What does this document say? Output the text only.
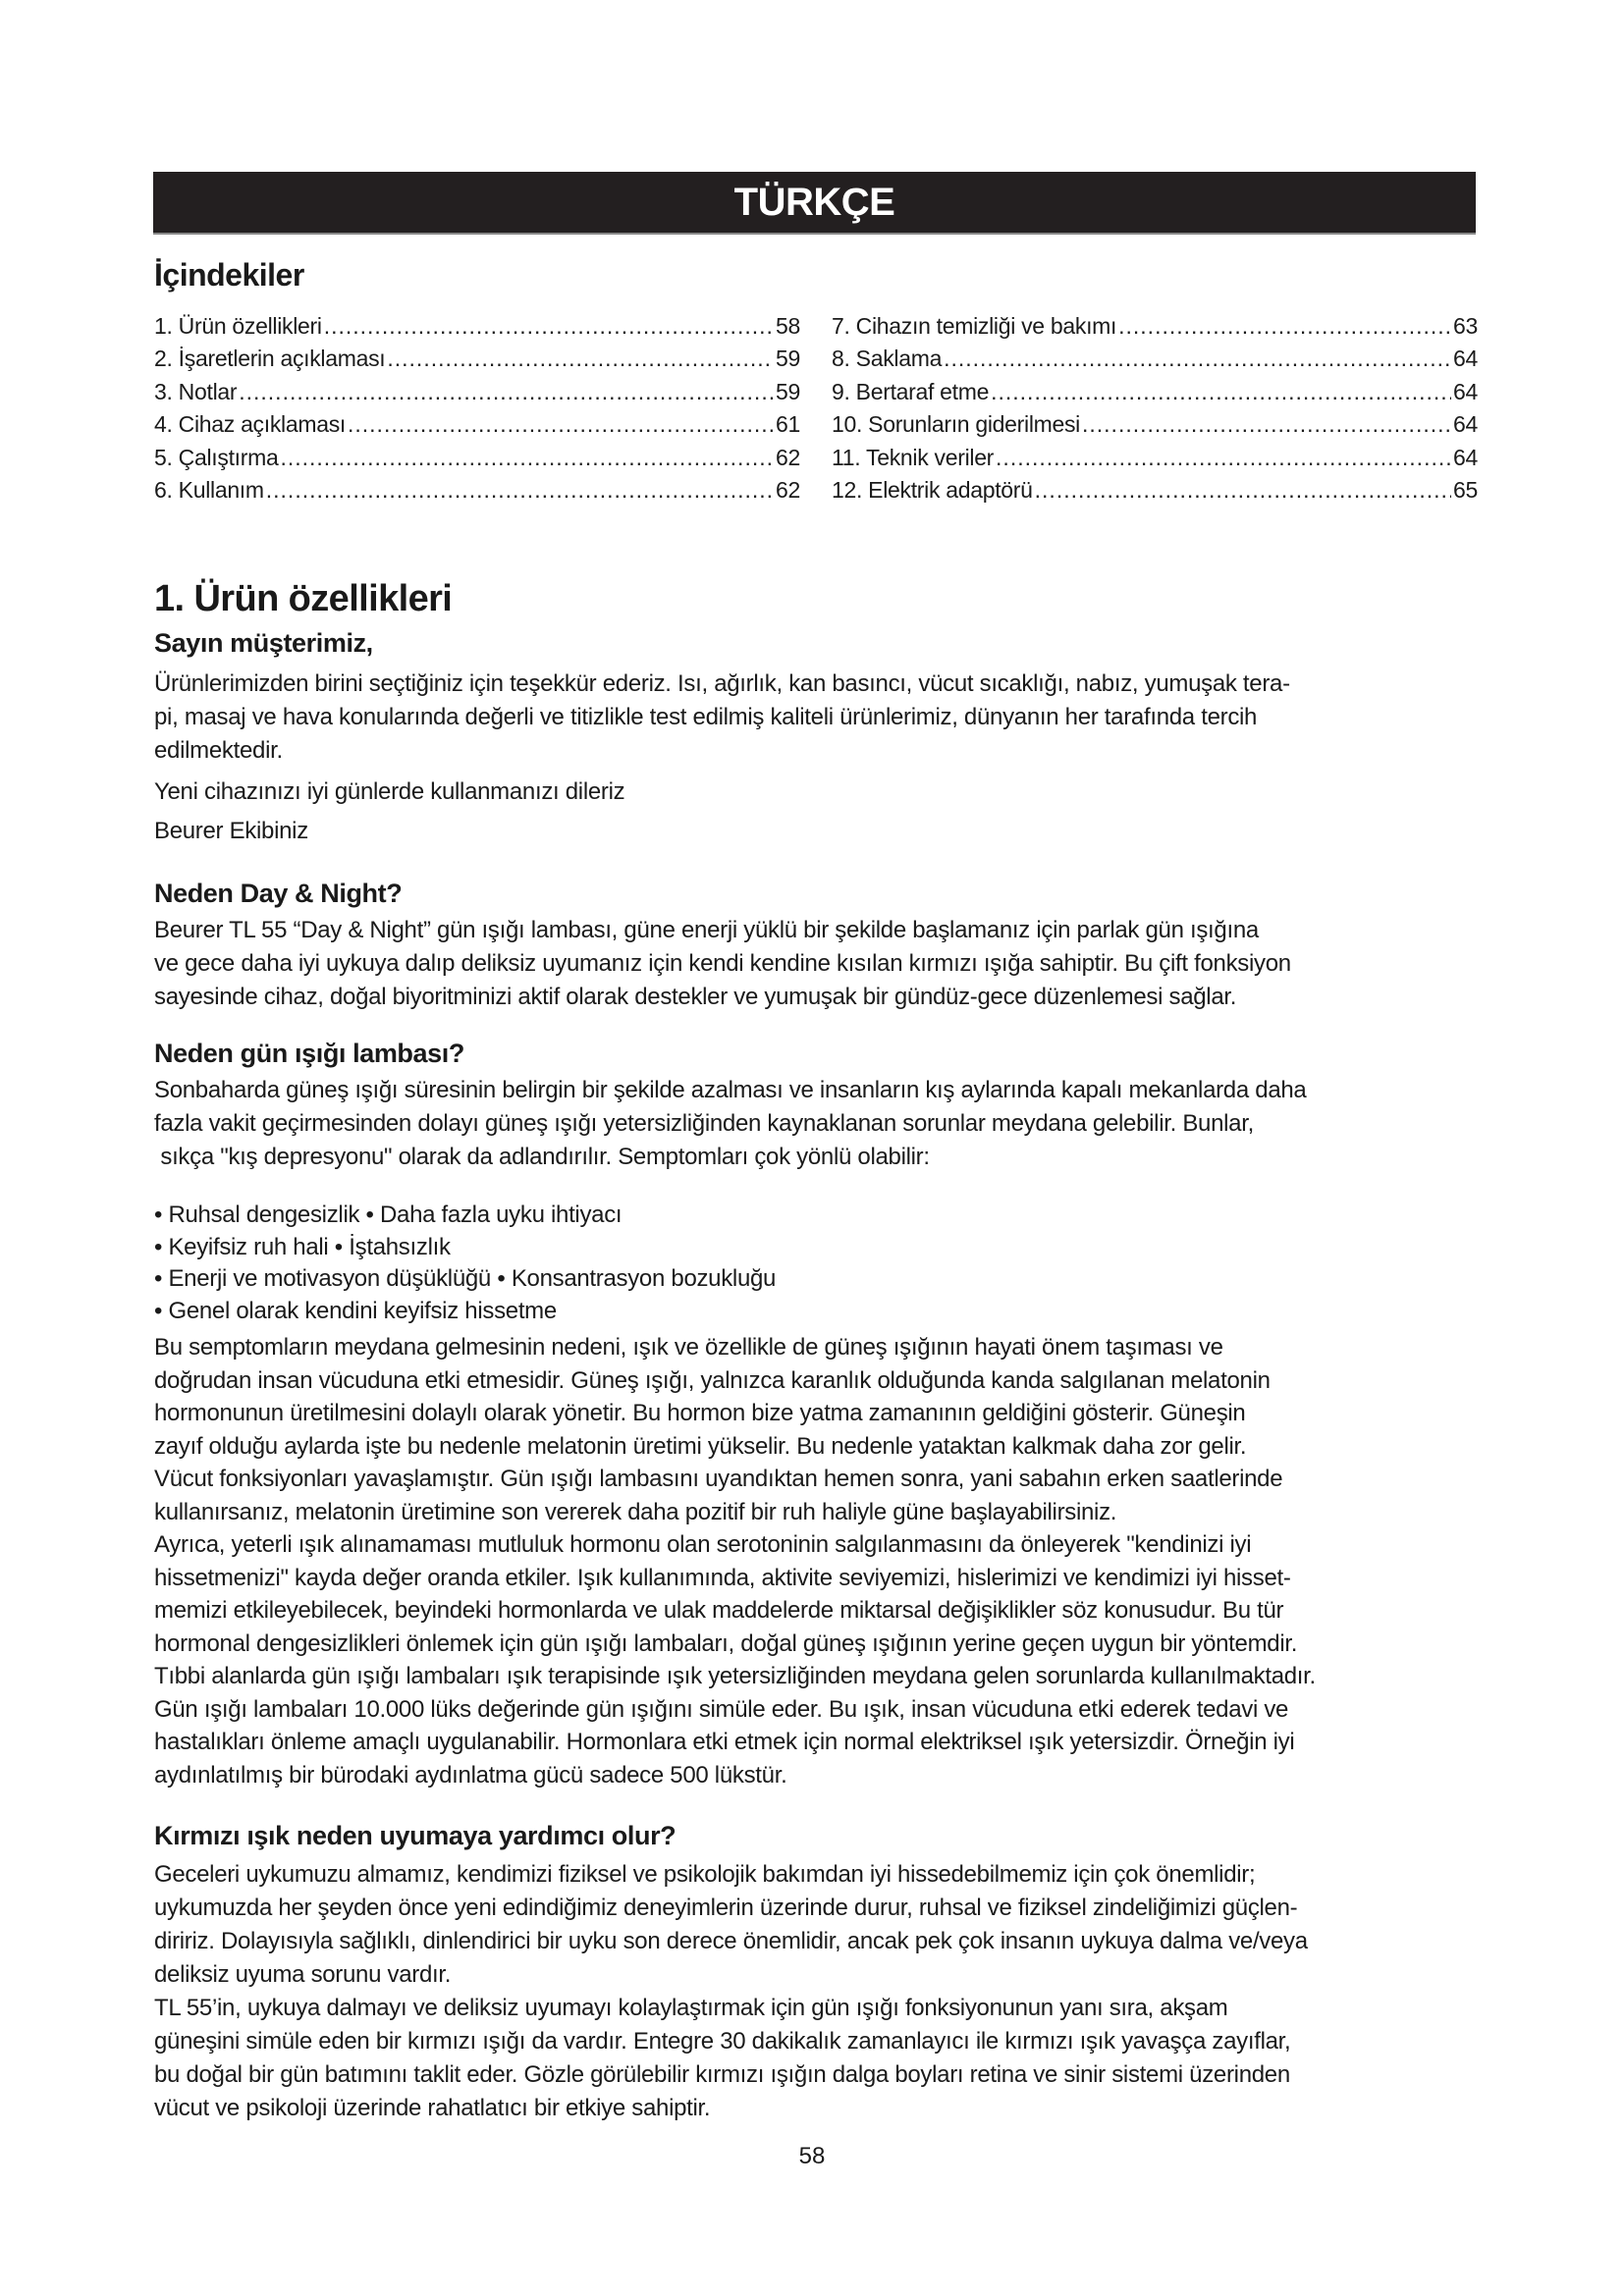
TÜRKÇE
İçindekiler
1. Ürün özellikleri .....	58
2. İşaretlerin açıklaması .....	59
3. Notlar .....	59
4. Cihaz açıklaması .....	61
5. Çalıştırma .....	62
6. Kullanım .....	62
7. Cihazın temizliği ve bakımı .....	63
8. Saklama .....	64
9. Bertaraf etme .....	64
10. Sorunların giderilmesi .....	64
11. Teknik veriler .....	64
12. Elektrik adaptörü .....	65
1. Ürün özellikleri
Sayın müşterimiz,
Ürünlerimizden birini seçtiğiniz için teşekkür ederiz. Isı, ağırlık, kan basıncı, vücut sıcaklığı, nabız, yumuşak tera-
pi, masaj ve hava konularında değerli ve titizlikle test edilmiş kaliteli ürünlerimiz, dünyanın her tarafında tercih
edilmektedir.
Yeni cihazınızı iyi günlerde kullanmanızı dileriz
Beurer Ekibiniz
Neden Day & Night?
Beurer TL 55 “Day & Night” gün ışığı lambası, güne enerji yüklü bir şekilde başlamanız için parlak gün ışığına
ve gece daha iyi uykuya dalıp deliksiz uyumanız için kendi kendine kısılan kırmızı ışığa sahiptir. Bu çift fonksiyon
sayesinde cihaz, doğal biyoritminizi aktif olarak destekler ve yumuşak bir gündüz-gece düzenlemesi sağlar.
Neden gün ışığı lambası?
Sonbaharda güneş ışığı süresinin belirgin bir şekilde azalması ve insanların kış aylarında kapalı mekanlarda daha
fazla vakit geçirmesinden dolayı güneş ışığı yetersizliğinden kaynaklanan sorunlar meydana gelebilir. Bunlar,
sıkça "kış depresyonu" olarak da adlandırılır. Semptomları çok yönlü olabilir:
• Ruhsal dengesizlik • Daha fazla uyku ihtiyacı
• Keyifsiz ruh hali • İştahsızlık
• Enerji ve motivasyon düşüklüğü • Konsantrasyon bozukluğu
• Genel olarak kendini keyifsiz hissetme
Bu semptomların meydana gelmesinin nedeni, ışık ve özellikle de güneş ışığının hayati önem taşıması ve
doğrudan insan vücuduna etki etmesidir. Güneş ışığı, yalnızca karanlık olduğunda kanda salgılanan melatonin
hormonunun üretilmesini dolaylı olarak yönetir. Bu hormon bize yatma zamanının geldiğini gösterir. Güneşin
zayıf olduğu aylarda işte bu nedenle melatonin üretimi yükselir. Bu nedenle yataktan kalkmak daha zor gelir.
Vücut fonksiyonları yavaşlamıştır. Gün ışığı lambasını uyandıktan hemen sonra, yani sabahın erken saatlerinde
kullanırsanız, melatonin üretimine son vererek daha pozitif bir ruh haliyle güne başlayabilirsiniz.
Ayrıca, yeterli ışık alınamaması mutluluk hormonu olan serotoninin salgılanmasını da önleyerek "kendinizi iyi
hissetmenizi" kayda değer oranda etkiler. Işık kullanımında, aktivite seviyemizi, hislerimizi ve kendimizi iyi hisset-
memizi etkileyebilecek, beyindeki hormonlarda ve ulak maddelerde miktarsal değişiklikler söz konusudur. Bu tür
hormonal dengesizlikleri önlemek için gün ışığı lambaları, doğal güneş ışığının yerine geçen uygun bir yöntemdir.
Tıbbi alanlarda gün ışığı lambaları ışık terapisinde ışık yetersizliğinden meydana gelen sorunlarda kullanılmaktadır.
Gün ışığı lambaları 10.000 lüks değerinde gün ışığını simüle eder. Bu ışık, insan vücuduna etki ederek tedavi ve
hastalıkları önleme amaçlı uygulanabilir. Hormonlara etki etmek için normal elektriksel ışık yetersizdir. Örneğin iyi
aydınlatılmış bir bürodaki aydınlatma gücü sadece 500 lükstür.
Kırmızı ışık neden uyumaya yardımcı olur?
Geceleri uykumuzu almamız, kendimizi fiziksel ve psikolojik bakımdan iyi hissedebilmemiz için çok önemlidir;
uykumuzda her şeyden önce yeni edindiğimiz deneyimlerin üzerinde durur, ruhsal ve fiziksel zindeliğimizi güçlen-
diririz. Dolayısıyla sağlıklı, dinlendirici bir uyku son derece önemlidir, ancak pek çok insanın uykuya dalma ve/veya
deliksiz uyuma sorunu vardır.
TL 55’in, uykuya dalmayı ve deliksiz uyumayı kolaylaştırmak için gün ışığı fonksiyonunun yanı sıra, akşam
güneşini simüle eden bir kırmızı ışığı da vardır. Entegre 30 dakikalık zamanlayıcı ile kırmızı ışık yavaşça zayıflar,
bu doğal bir gün batımını taklit eder. Gözle görülebilir kırmızı ışığın dalga boyları retina ve sinir sistemi üzerinden
vücut ve psikoloji üzerinde rahatlatıcı bir etkiye sahiptir.
58
